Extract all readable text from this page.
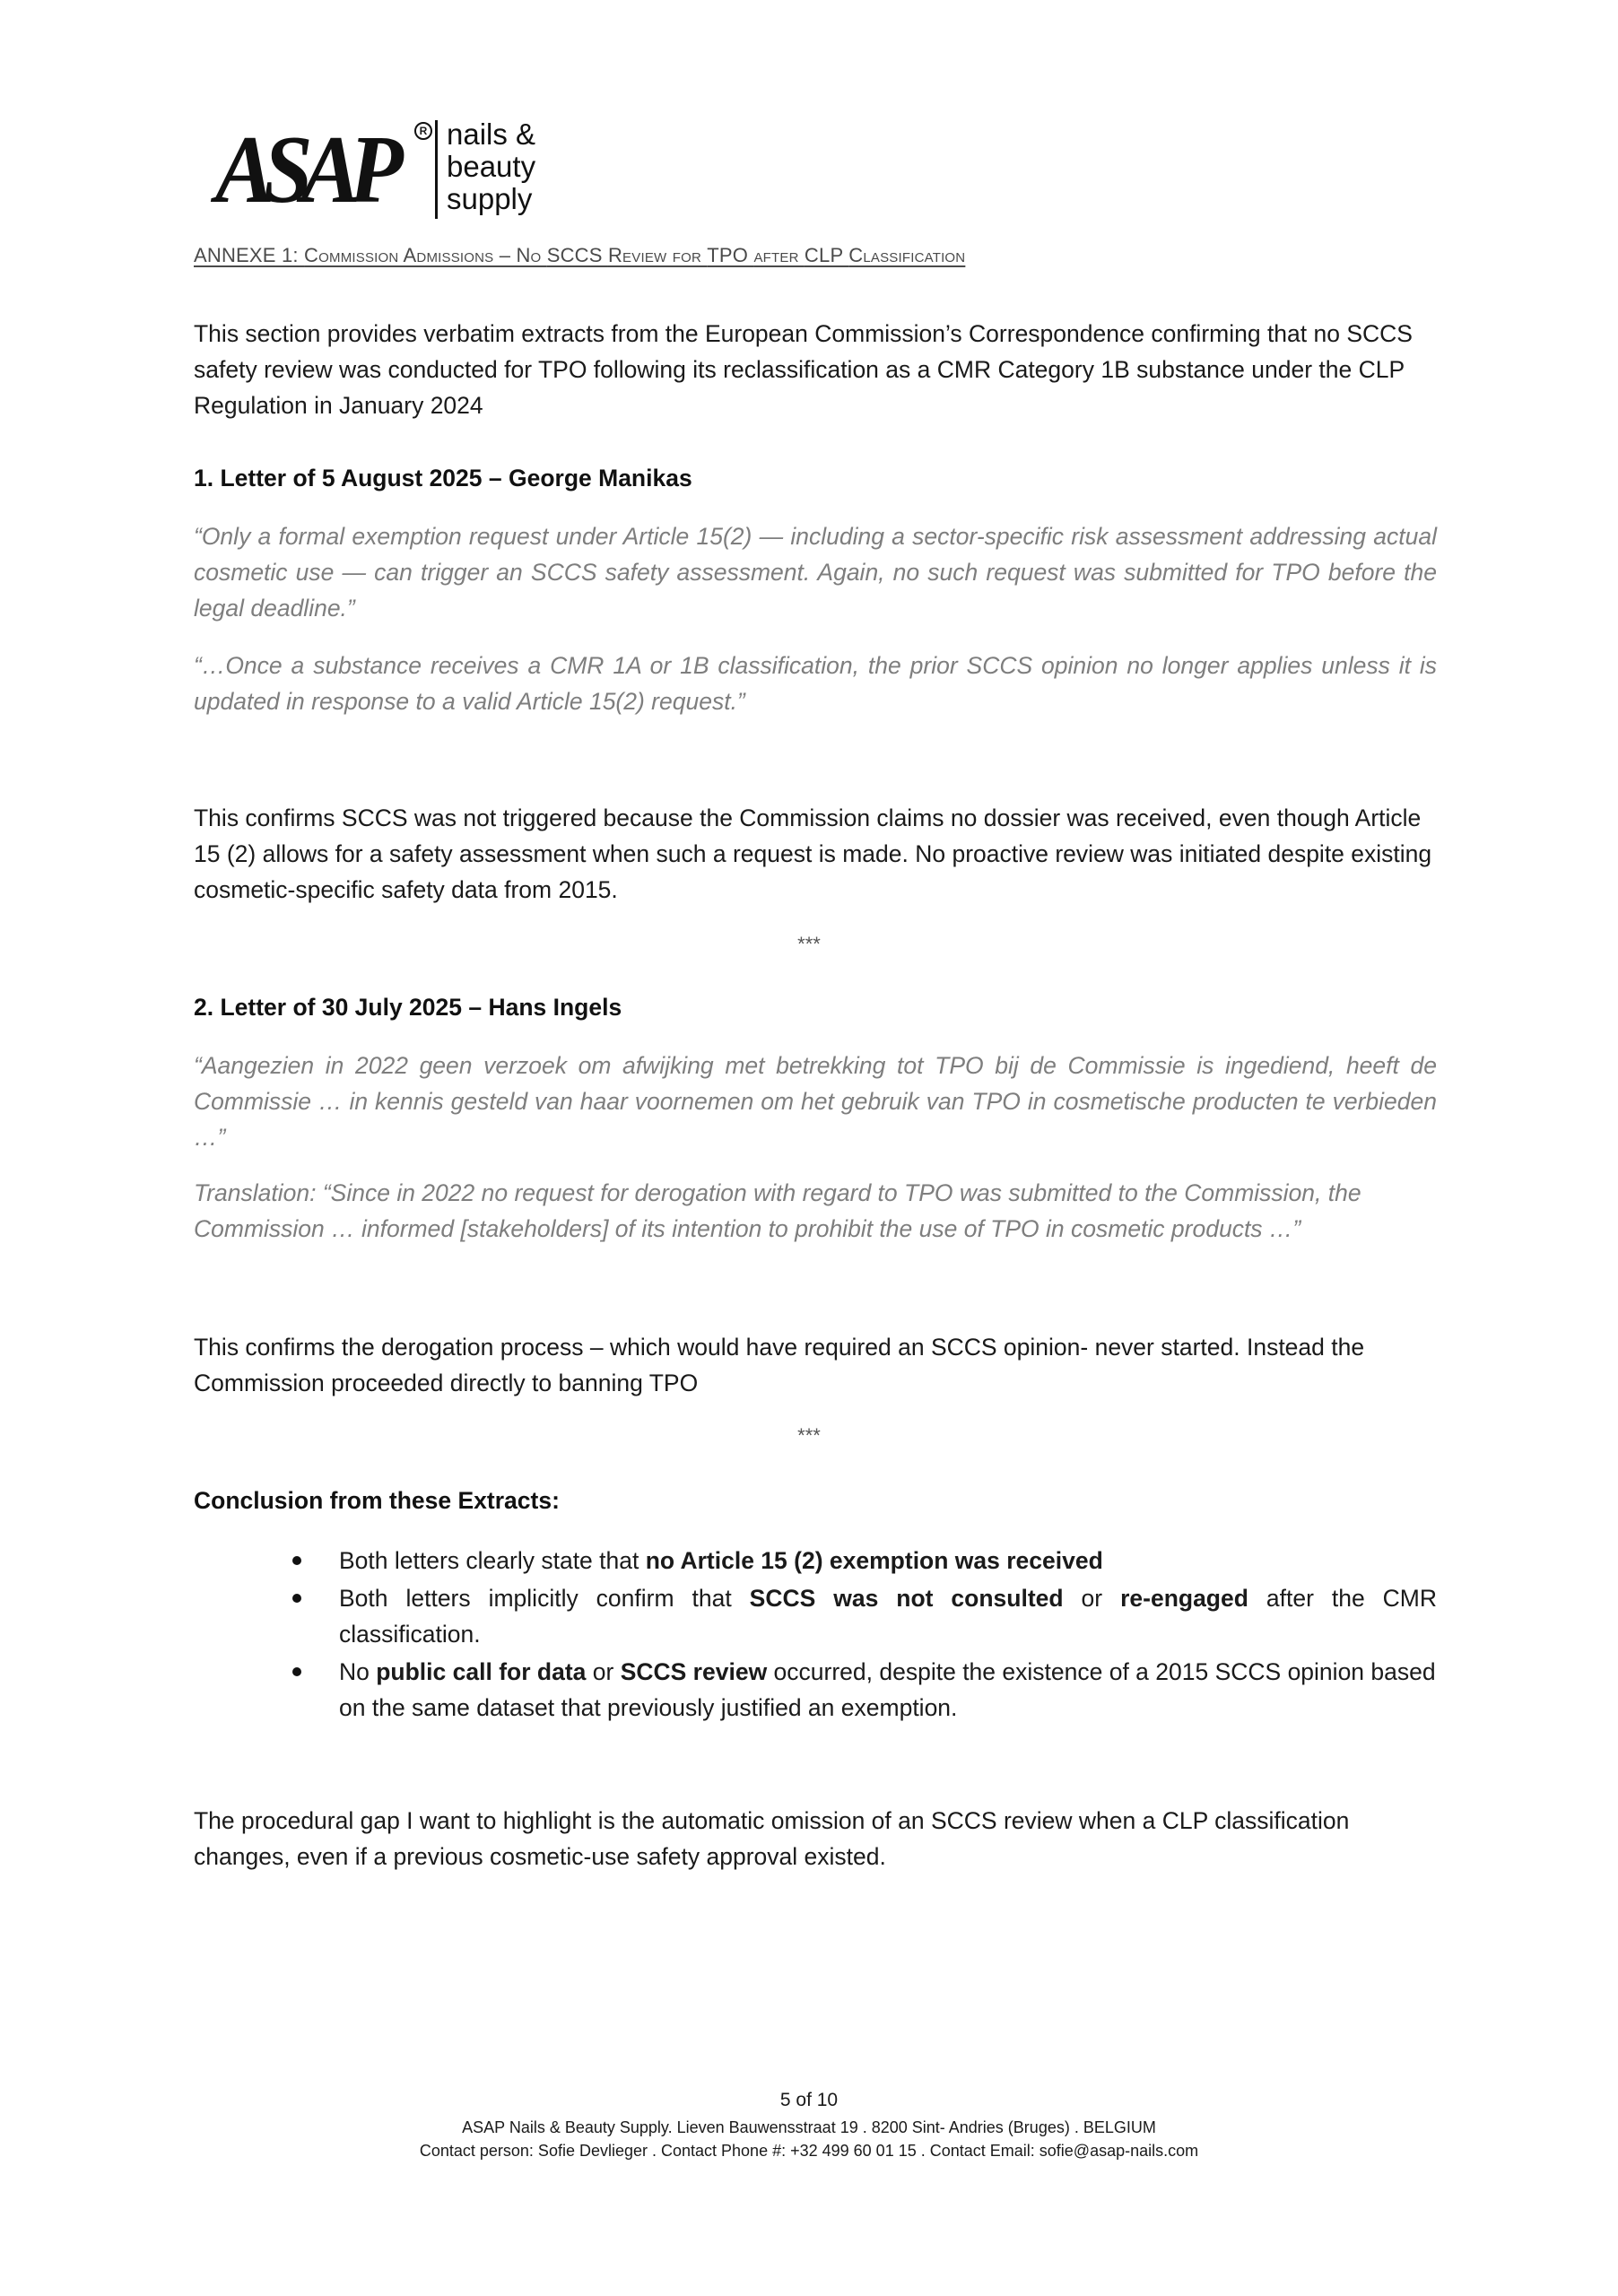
ASAP	R nails &
beauty
supply
ANNEXE 1: Commission Admissions – No SCCS Review for TPO after CLP Classification

This section provides verbatim extracts from the European Commission’s Correspondence confirming that no SCCS safety review was conducted for TPO following its reclassification as a CMR Category 1B substance under the CLP Regulation in January 2024

1. Letter of 5 August 2025 – George Manikas

“Only a formal exemption request under Article 15(2) — including a sector-specific risk assessment addressing actual cosmetic use — can trigger an SCCS safety assessment. Again, no such request was submitted for TPO before the legal deadline.”

“…Once a substance receives a CMR 1A or 1B classification, the prior SCCS opinion no longer applies unless it is updated in response to a valid Article 15(2) request.”

This confirms SCCS was not triggered because the Commission claims no dossier was received, even though Article 15 (2) allows for a safety assessment when such a request is made. No proactive review was initiated despite existing cosmetic-specific safety data from 2015.

***
2. Letter of 30 July 2025 – Hans Ingels

“Aangezien in 2022 geen verzoek om afwijking met betrekking tot TPO bij de Commissie is ingediend, heeft de Commissie … in kennis gesteld van haar voornemen om het gebruik van TPO in cosmetische producten te verbieden …”

Translation: “Since in 2022 no request for derogation with regard to TPO was submitted to the Commission, the Commission … informed [stakeholders] of its intention to prohibit the use of TPO in cosmetic products …”

This confirms the derogation process – which would have required an SCCS opinion- never started. Instead the Commission proceeded directly to banning TPO

***
Conclusion from these Extracts:
Both letters clearly state that no Article 15 (2) exemption was received
Both letters implicitly confirm that SCCS was not consulted or re-engaged after the CMR classification.
No public call for data or SCCS review occurred, despite the existence of a 2015 SCCS opinion based on the same dataset that previously justified an exemption.

The procedural gap I want to highlight is the automatic omission of an SCCS review when a CLP classification changes, even if a previous cosmetic-use safety approval existed.

5 of 10
ASAP Nails & Beauty Supply. Lieven Bauwensstraat 19 . 8200 Sint- Andries (Bruges) . BELGIUM
Contact person: Sofie Devlieger . Contact Phone #: +32 499 60 01 15 . Contact Email: sofie@asap-nails.com
